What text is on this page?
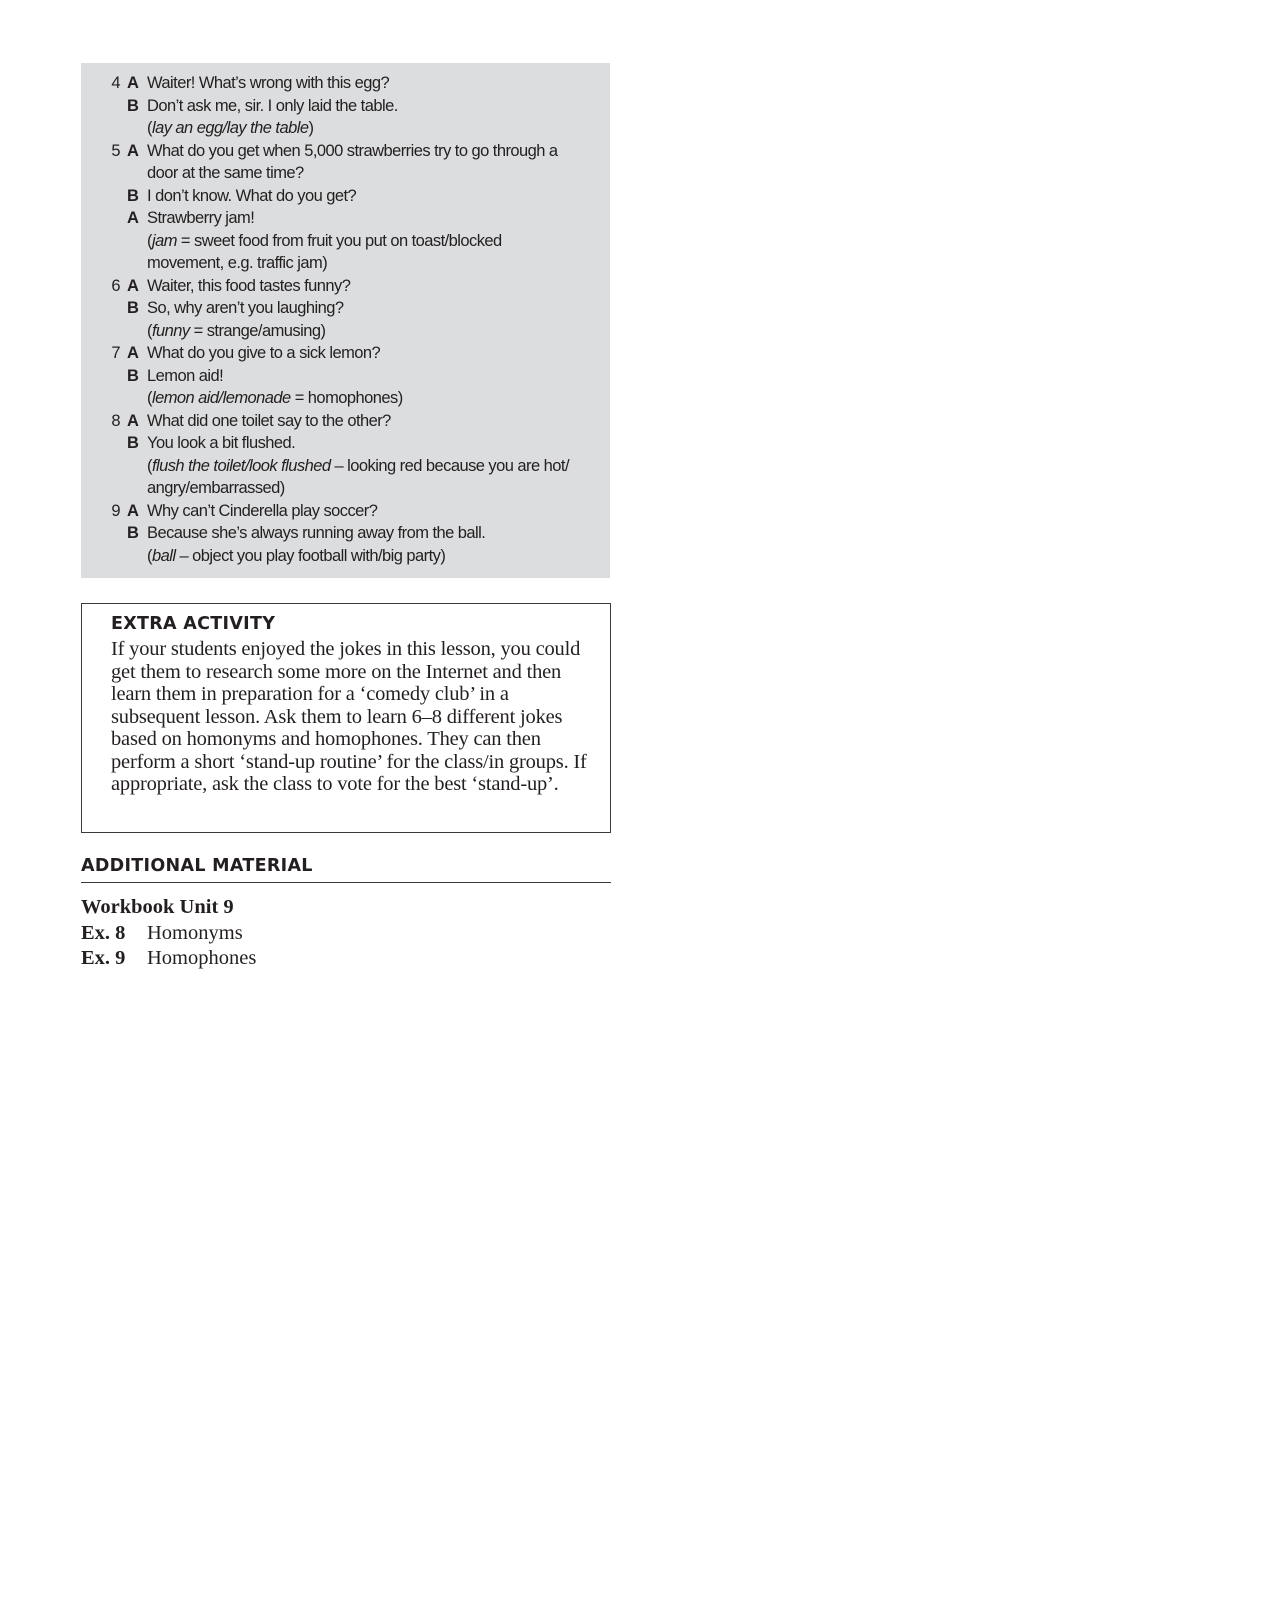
4 A Waiter! What’s wrong with this egg?
B Don’t ask me, sir. I only laid the table.
(lay an egg/lay the table)
5 A What do you get when 5,000 strawberries try to go through a
door at the same time?
B I don’t know. What do you get?
A Strawberry jam!
(jam = sweet food from fruit you put on toast/blocked
movement, e.g. traffic jam)
6 A Waiter, this food tastes funny?
B So, why aren’t you laughing?
(funny = strange/amusing)
7 A What do you give to a sick lemon?
B Lemon aid!
(lemon aid/lemonade = homophones)
8 A What did one toilet say to the other?
B You look a bit flushed.
(flush the toilet/look flushed – looking red because you are hot/
angry/embarrassed)
9 A Why can’t Cinderella play soccer?
B Because she’s always running away from the ball.
(ball – object you play football with/big party)
EXTRA ACTIVITY

If your students enjoyed the jokes in this lesson, you could get them to research some more on the Internet and then learn them in preparation for a ‘comedy club’ in a subsequent lesson. Ask them to learn 6–8 different jokes based on homonyms and homophones. They can then perform a short ‘stand-up routine’ for the class/in groups. If appropriate, ask the class to vote for the best ‘stand-up’.

ADDITIONAL MATERIAL
Workbook Unit 9
Ex. 8 Homonyms
Ex. 9 Homophones
